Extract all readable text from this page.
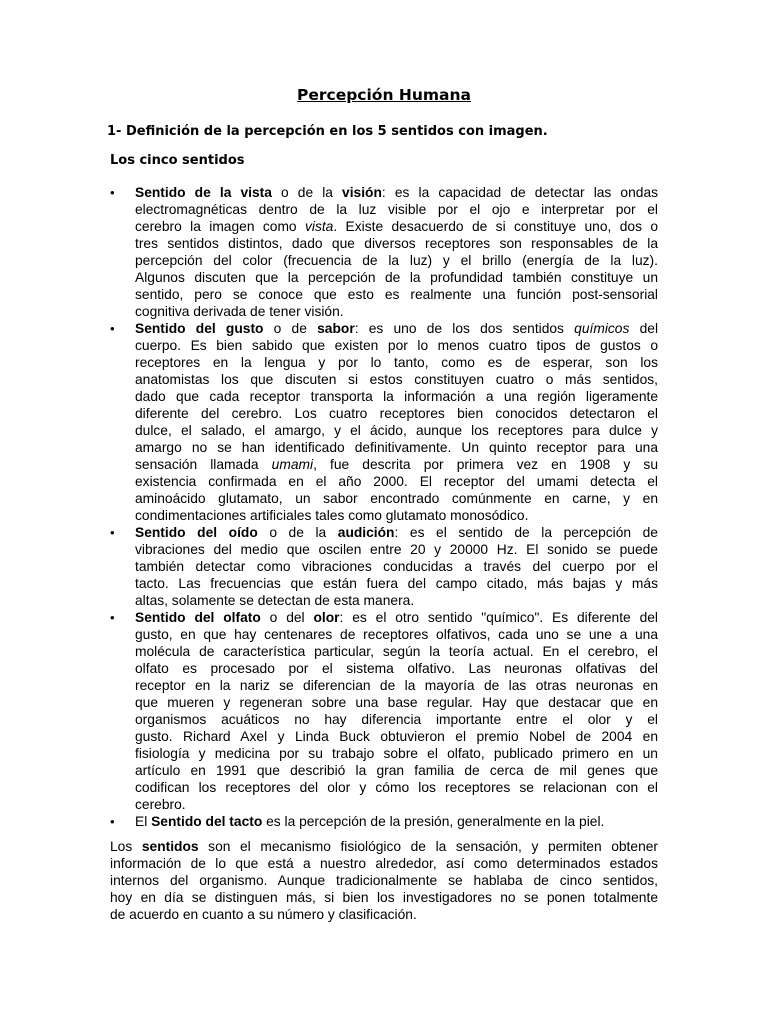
Percepción Humana
1- Definición de la percepción en los 5 sentidos con imagen.
Los cinco sentidos
• Sentido de la vista o de la visión: es la capacidad de detectar las ondas
electromagnéticas dentro de la luz visible por el ojo e interpretar por el
cerebro la imagen como vista. Existe desacuerdo de si constituye uno, dos o
tres sentidos distintos, dado que diversos receptores son responsables de la
percepción del color (frecuencia de la luz) y el brillo (energía de la luz).
Algunos discuten que la percepción de la profundidad también constituye un
sentido, pero se conoce que esto es realmente una función post-sensorial
cognitiva derivada de tener visión.
• Sentido del gusto o de sabor: es uno de los dos sentidos químicos del
cuerpo. Es bien sabido que existen por lo menos cuatro tipos de gustos o
receptores en la lengua y por lo tanto, como es de esperar, son los
anatomistas los que discuten si estos constituyen cuatro o más sentidos,
dado que cada receptor transporta la información a una región ligeramente
diferente del cerebro. Los cuatro receptores bien conocidos detectaron el
dulce, el salado, el amargo, y el ácido, aunque los receptores para dulce y
amargo no se han identificado definitivamente. Un quinto receptor para una
sensación llamada umami, fue descrita por primera vez en 1908 y su
existencia confirmada en el año 2000. El receptor del umami detecta el
aminoácido glutamato, un sabor encontrado comúnmente en carne, y en
condimentaciones artificiales tales como glutamato monosódico.
• Sentido del oído o de la audición: es el sentido de la percepción de
vibraciones del medio que oscilen entre 20 y 20000 Hz. El sonido se puede
también detectar como vibraciones conducidas a través del cuerpo por el
tacto. Las frecuencias que están fuera del campo citado, más bajas y más
altas, solamente se detectan de esta manera.
• Sentido del olfato o del olor: es el otro sentido "químico". Es diferente del
gusto, en que hay centenares de receptores olfativos, cada uno se une a una
molécula de característica particular, según la teoría actual. En el cerebro, el
olfato es procesado por el sistema olfativo. Las neuronas olfativas del
receptor en la nariz se diferencian de la mayoría de las otras neuronas en
que mueren y regeneran sobre una base regular. Hay que destacar que en
organismos acuáticos no hay diferencia importante entre el olor y el
gusto. Richard Axel y Linda Buck obtuvieron el premio Nobel de 2004 en
fisiología y medicina por su trabajo sobre el olfato, publicado primero en un
artículo en 1991 que describió la gran familia de cerca de mil genes que
codifican los receptores del olor y cómo los receptores se relacionan con el
cerebro.
• El Sentido del tacto es la percepción de la presión, generalmente en la piel.
Los sentidos son el mecanismo fisiológico de la sensación, y permiten obtener
información de lo que está a nuestro alrededor, así como determinados estados
internos del organismo. Aunque tradicionalmente se hablaba de cinco sentidos,
hoy en día se distinguen más, si bien los investigadores no se ponen totalmente
de acuerdo en cuanto a su número y clasificación.
